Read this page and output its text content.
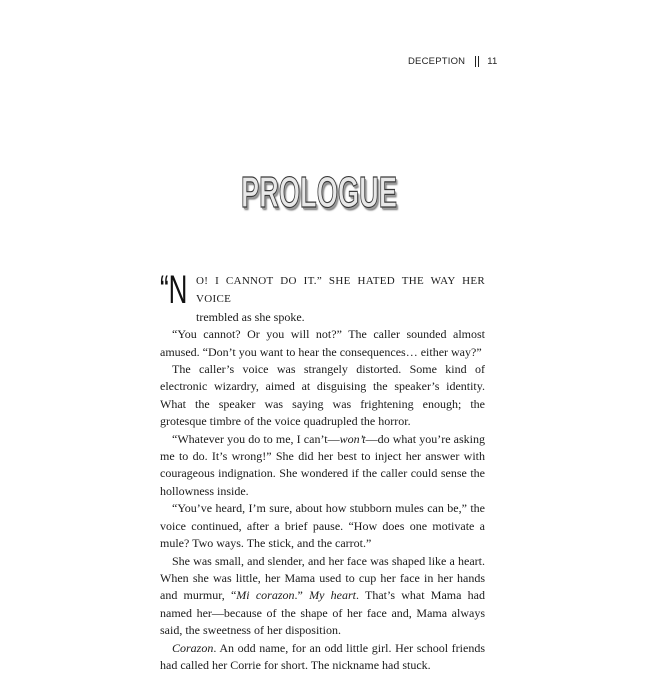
DECEPTION 11
PROLOGUE
“N O! I CANNOT DO IT.” SHE HATED THE WAY HER VOICE
trembled as she spoke.

 “You cannot? Or you will not?” The caller sounded almost amused. “Don’t you want to hear the consequences… either way?”

 The caller’s voice was strangely distorted. Some kind of electronic wizardry, aimed at disguising the speaker’s identity. What the speaker was saying was frightening enough; the grotesque timbre of the voice quadrupled the horror.

 “Whatever you do to me, I can’t—won’t—do what you’re asking me to do. It’s wrong!” She did her best to inject her answer with courageous indignation. She wondered if the caller could sense the hollowness inside.

 “You’ve heard, I’m sure, about how stubborn mules can be,” the voice continued, after a brief pause. “How does one motivate a mule? Two ways. The stick, and the carrot.”

 She was small, and slender, and her face was shaped like a heart. When she was little, her Mama used to cup her face in her hands and murmur, “Mi corazon.” My heart. That’s what Mama had named her—because of the shape of her face and, Mama always said, the sweetness of her disposition.

 Corazon. An odd name, for an odd little girl. Her school friends had called her Corrie for short. The nickname had stuck.
